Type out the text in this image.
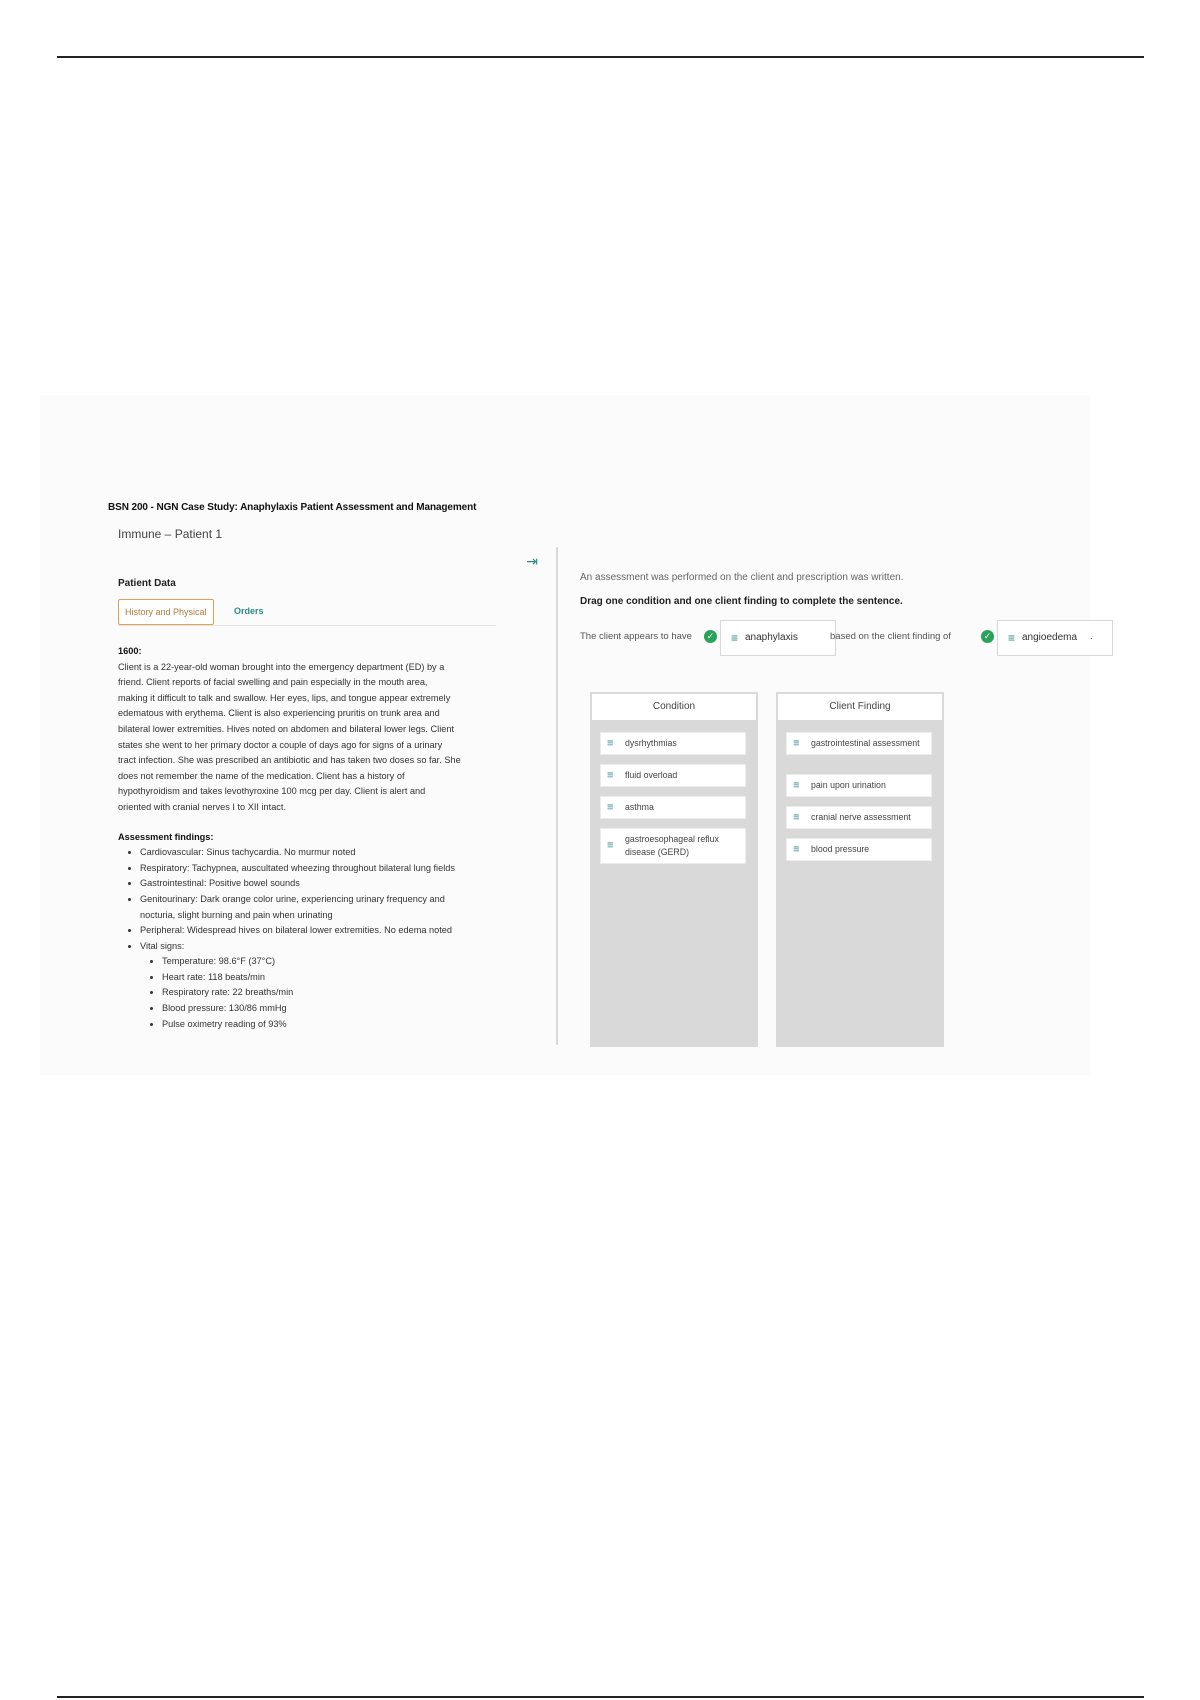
BSN 200 - NGN Case Study: Anaphylaxis Patient Assessment and Management
Immune – Patient 1
⇥
Patient Data
History and Physical	Orders
1600:

Client is a 22-year-old woman brought into the emergency department (ED) by a

friend. Client reports of facial swelling and pain especially in the mouth area,

making it difficult to talk and swallow. Her eyes, lips, and tongue appear extremely

edematous with erythema. Client is also experiencing pruritis on trunk area and

bilateral lower extremities. Hives noted on abdomen and bilateral lower legs. Client

states she went to her primary doctor a couple of days ago for signs of a urinary

tract infection. She was prescribed an antibiotic and has taken two doses so far. She

does not remember the name of the medication. Client has a history of

hypothyroidism and takes levothyroxine 100 mcg per day. Client is alert and

oriented with cranial nerves I to XII intact.

Assessment findings:
• Cardiovascular: Sinus tachycardia. No murmur noted
• Respiratory: Tachypnea, auscultated wheezing throughout bilateral lung fields
• Gastrointestinal: Positive bowel sounds
• Genitourinary: Dark orange color urine, experiencing urinary frequency and
nocturia, slight burning and pain when urinating
• Peripheral: Widespread hives on bilateral lower extremities. No edema noted
• Vital signs:
• Temperature: 98.6°F (37°C)
• Heart rate: 118 beats/min
• Respiratory rate: 22 breaths/min
• Blood pressure: 130/86 mmHg
• Pulse oximetry reading of 93%
An assessment was performed on the client and prescription was written.
Drag one condition and one client finding to complete the sentence.
The client appears to have	✓ ≡ anaphylaxis	based on the client finding of	✓ ≡ angioedema	.
Condition
≡ dysrhythmias
≡ fluid overload
≡ asthma
≡
gastroesophageal reflux disease (GERD)
Client Finding
≡ gastrointestinal assessment
≡ pain upon urination
≡ cranial nerve assessment
≡ blood pressure
